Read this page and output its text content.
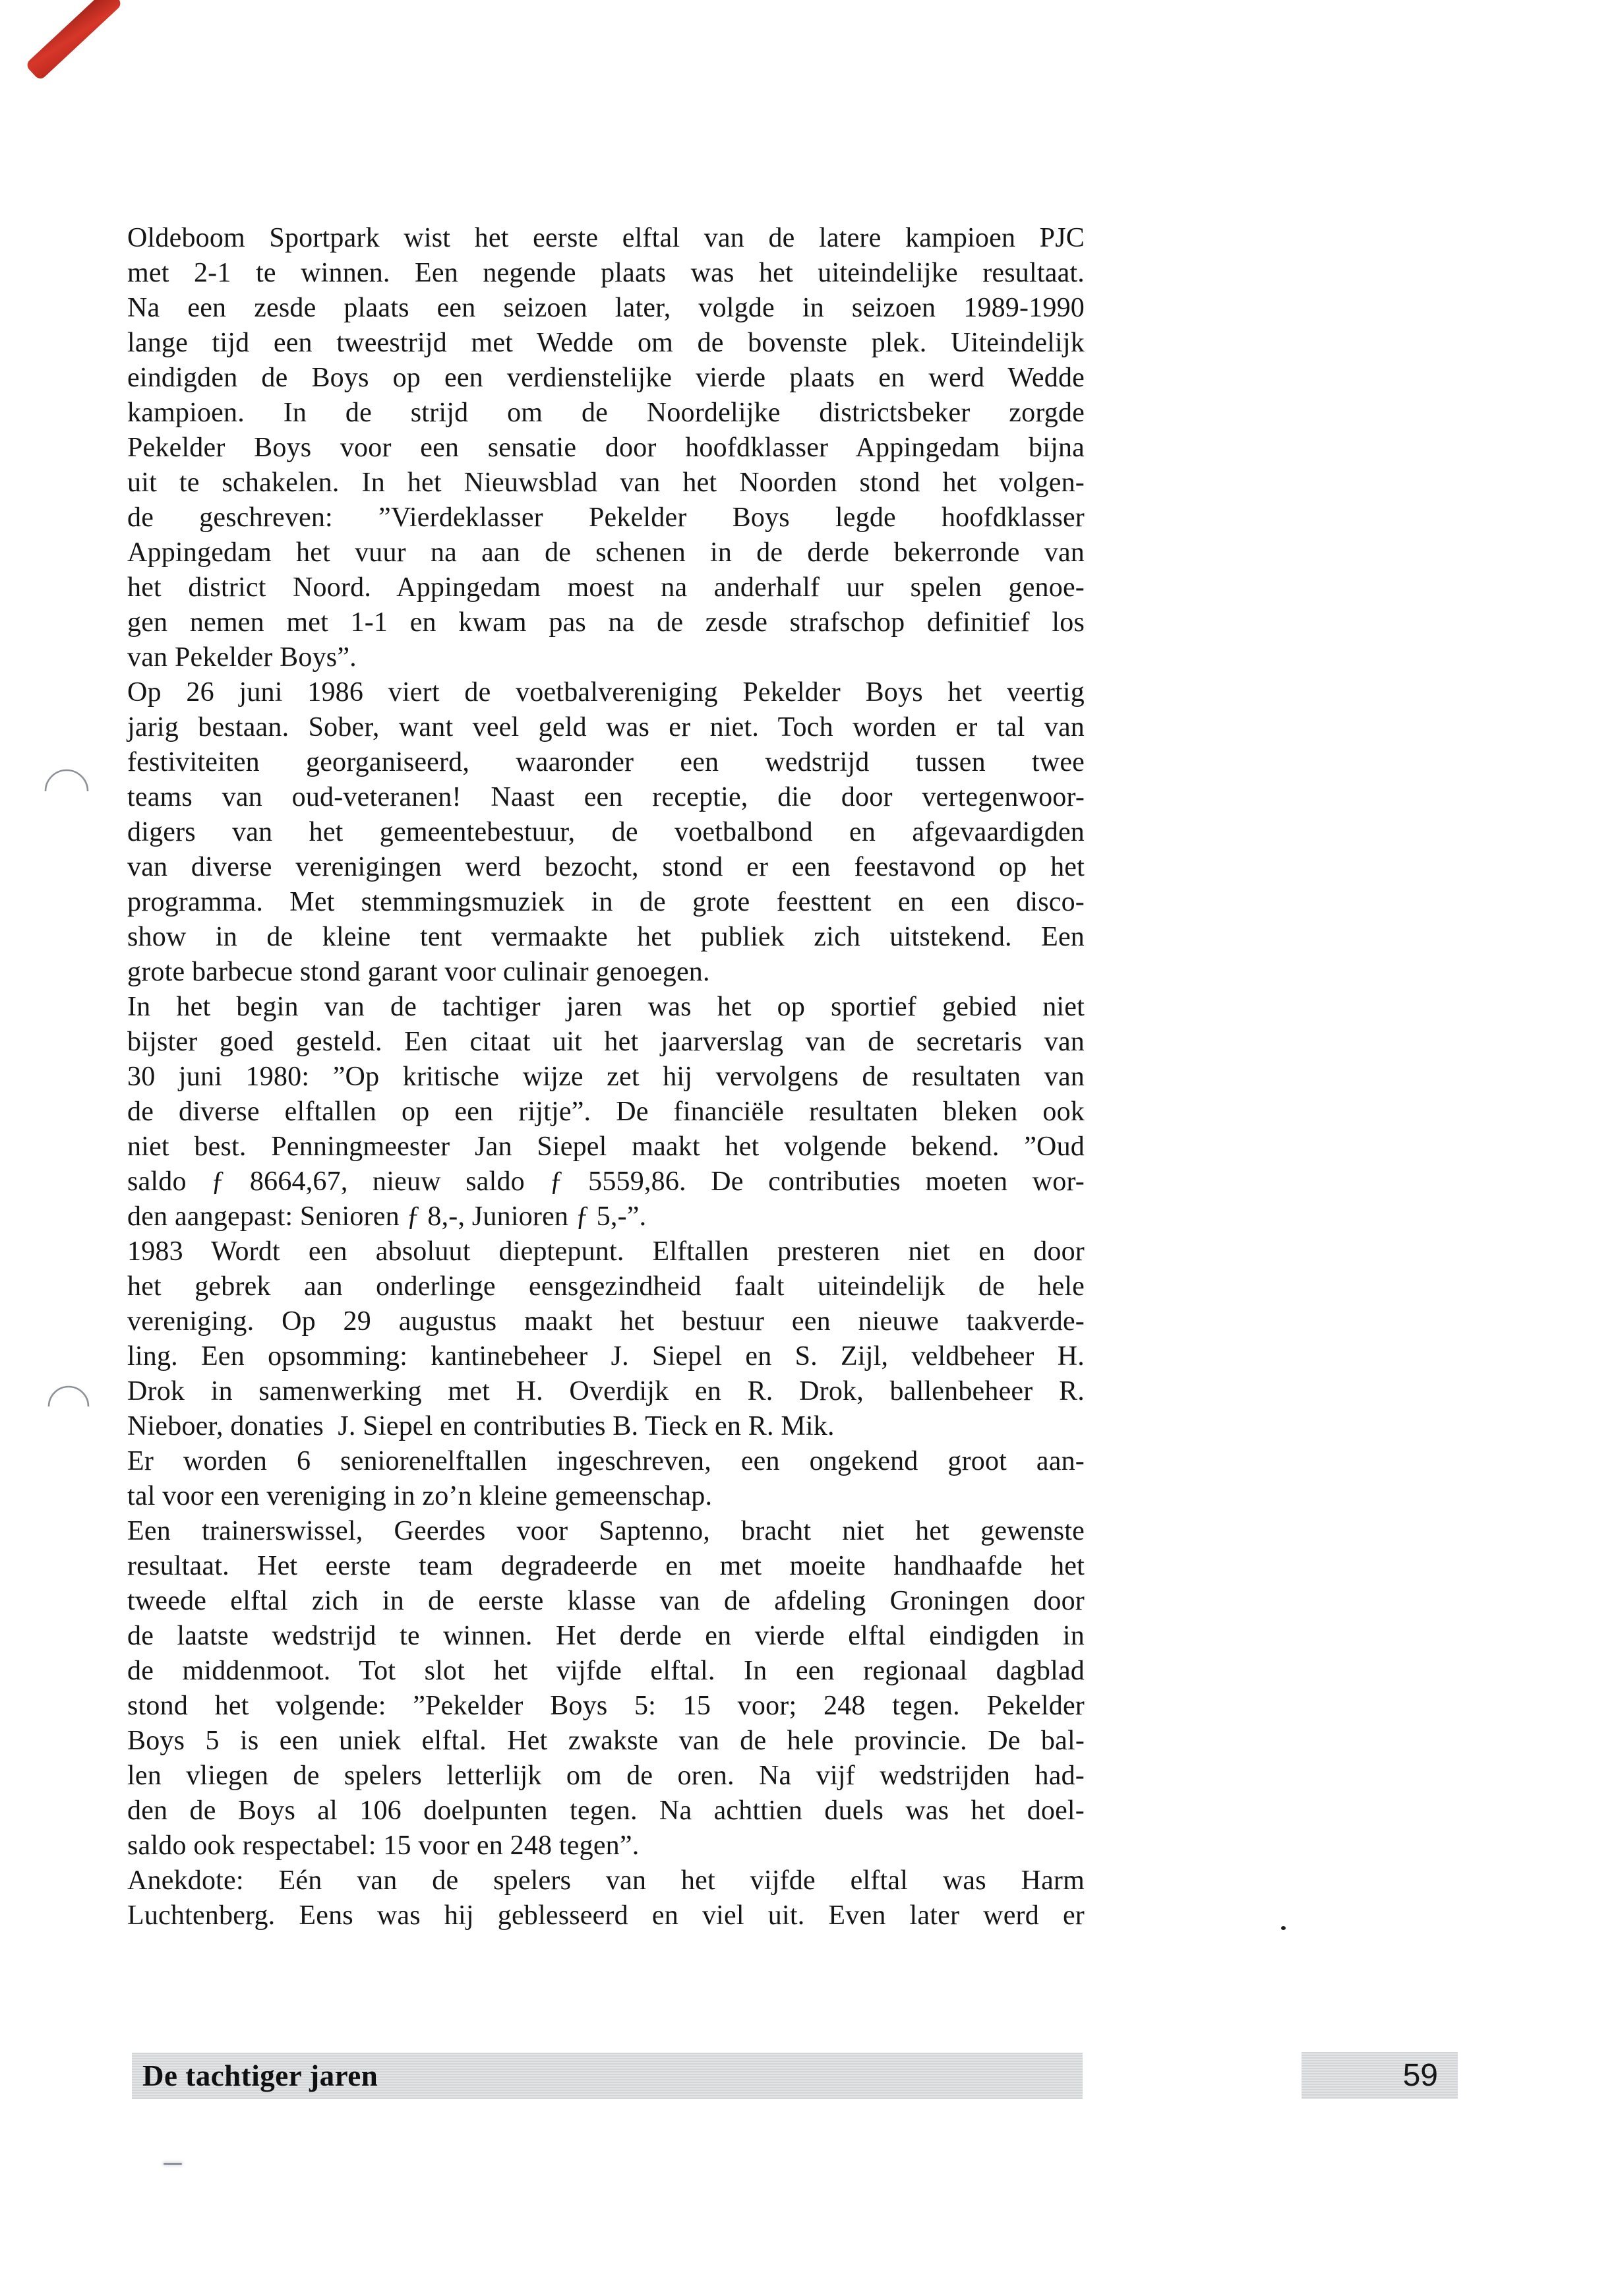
Oldeboom Sportpark wist het eerste elftal van de latere kampioen PJC
met 2-1 te winnen. Een negende plaats was het uiteindelijke resultaat.
Na een zesde plaats een seizoen later, volgde in seizoen 1989-1990
lange tijd een tweestrijd met Wedde om de bovenste plek. Uiteindelijk
eindigden de Boys op een verdienstelijke vierde plaats en werd Wedde
kampioen. In de strijd om de Noordelijke districtsbeker zorgde
Pekelder Boys voor een sensatie door hoofdklasser Appingedam bijna
uit te schakelen. In het Nieuwsblad van het Noorden stond het volgen-
de geschreven: ”Vierdeklasser Pekelder Boys legde hoofdklasser
Appingedam het vuur na aan de schenen in de derde bekerronde van
het district Noord. Appingedam moest na anderhalf uur spelen genoe-
gen nemen met 1-1 en kwam pas na de zesde strafschop definitief los
van Pekelder Boys”.
Op 26 juni 1986 viert de voetbalvereniging Pekelder Boys het veertig
jarig bestaan. Sober, want veel geld was er niet. Toch worden er tal van
festiviteiten georganiseerd, waaronder een wedstrijd tussen twee
teams van oud-veteranen! Naast een receptie, die door vertegenwoor-
digers van het gemeentebestuur, de voetbalbond en afgevaardigden
van diverse verenigingen werd bezocht, stond er een feestavond op het
programma. Met stemmingsmuziek in de grote feesttent en een disco-
show in de kleine tent vermaakte het publiek zich uitstekend. Een
grote barbecue stond garant voor culinair genoegen.
In het begin van de tachtiger jaren was het op sportief gebied niet
bijster goed gesteld. Een citaat uit het jaarverslag van de secretaris van
30 juni 1980: ”Op kritische wijze zet hij vervolgens de resultaten van
de diverse elftallen op een rijtje”. De financiële resultaten bleken ook
niet best. Penningmeester Jan Siepel maakt het volgende bekend. ”Oud
saldo ƒ 8664,67, nieuw saldo ƒ 5559,86. De contributies moeten wor-
den aangepast: Senioren ƒ 8,-, Junioren ƒ 5,-”.
1983 Wordt een absoluut dieptepunt. Elftallen presteren niet en door
het gebrek aan onderlinge eensgezindheid faalt uiteindelijk de hele
vereniging. Op 29 augustus maakt het bestuur een nieuwe taakverde-
ling. Een opsomming: kantinebeheer J. Siepel en S. Zijl, veldbeheer H.
Drok in samenwerking met H. Overdijk en R. Drok, ballenbeheer R.
Nieboer, donaties  J. Siepel en contributies B. Tieck en R. Mik.
Er worden 6 seniorenelftallen ingeschreven, een ongekend groot aan-
tal voor een vereniging in zo’n kleine gemeenschap.
Een trainerswissel, Geerdes voor Saptenno, bracht niet het gewenste
resultaat. Het eerste team degradeerde en met moeite handhaafde het
tweede elftal zich in de eerste klasse van de afdeling Groningen door
de laatste wedstrijd te winnen. Het derde en vierde elftal eindigden in
de middenmoot. Tot slot het vijfde elftal. In een regionaal dagblad
stond het volgende: ”Pekelder Boys 5: 15 voor; 248 tegen. Pekelder
Boys 5 is een uniek elftal. Het zwakste van de hele provincie. De bal-
len vliegen de spelers letterlijk om de oren. Na vijf wedstrijden had-
den de Boys al 106 doelpunten tegen. Na achttien duels was het doel-
saldo ook respectabel: 15 voor en 248 tegen”.
Anekdote: Eén van de spelers van het vijfde elftal was Harm
Luchtenberg. Eens was hij geblesseerd en viel uit. Even later werd er
De tachtiger jaren	59
